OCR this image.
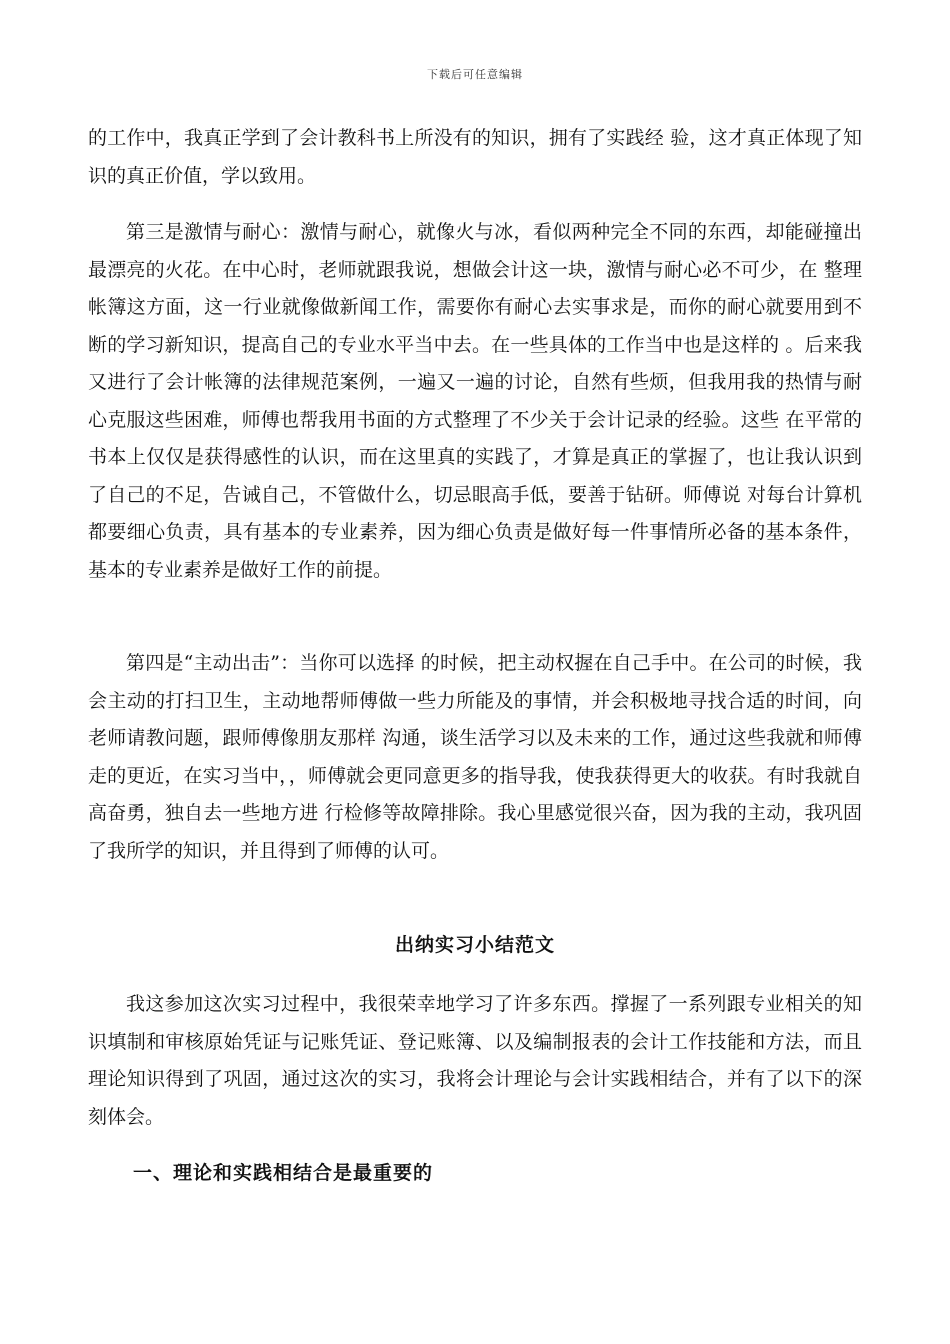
下载后可任意编辑

的工作中，我真正学到了会计教科书上所没有的知识，拥有了实践经 验，这才真正体现了知识的真正价值，学以致用。

第三是激情与耐心：激情与耐心，就像火与冰，看似两种完全不同的东西，却能碰撞出最漂亮的火花。在中心时，老师就跟我说，想做会计这一块，激情与耐心必不可少，在 整理帐簿这方面，这一行业就像做新闻工作，需要你有耐心去实事求是，而你的耐心就要用到不断的学习新知识，提高自己的专业水平当中去。在一些具体的工作当中也是这样的 。后来我又进行了会计帐簿的法律规范案例，一遍又一遍的讨论，自然有些烦，但我用我的热情与耐心克服这些困难，师傅也帮我用书面的方式整理了不少关于会计记录的经验。这些 在平常的书本上仅仅是获得感性的认识，而在这里真的实践了，才算是真正的掌握了，也让我认识到了自己的不足，告诫自己，不管做什么，切忌眼高手低，要善于钻研。师傅说 对每台计算机都要细心负责，具有基本的专业素养，因为细心负责是做好每一件事情所必备的基本条件，基本的专业素养是做好工作的前提。

第四是“主动出击”：当你可以选择 的时候，把主动权握在自己手中。在公司的时候，我会主动的打扫卫生，主动地帮师傅做一些力所能及的事情，并会积极地寻找合适的时间，向老师请教问题，跟师傅像朋友那样 沟通，谈生活学习以及未来的工作，通过这些我就和师傅走的更近，在实习当中，，师傅就会更同意更多的指导我，使我获得更大的收获。有时我就自高奋勇，独自去一些地方进 行检修等故障排除。我心里感觉很兴奋，因为我的主动，我巩固了我所学的知识，并且得到了师傅的认可。

出纳实习小结范文

我这参加这次实习过程中，我很荣幸地学习了许多东西。撑握了一系列跟专业相关的知识填制和审核原始凭证与记账凭证、登记账簿、以及编制报表的会计工作技能和方法，而且理论知识得到了巩固，通过这次的实习，我将会计理论与会计实践相结合，并有了以下的深刻体会。

一、理论和实践相结合是最重要的
